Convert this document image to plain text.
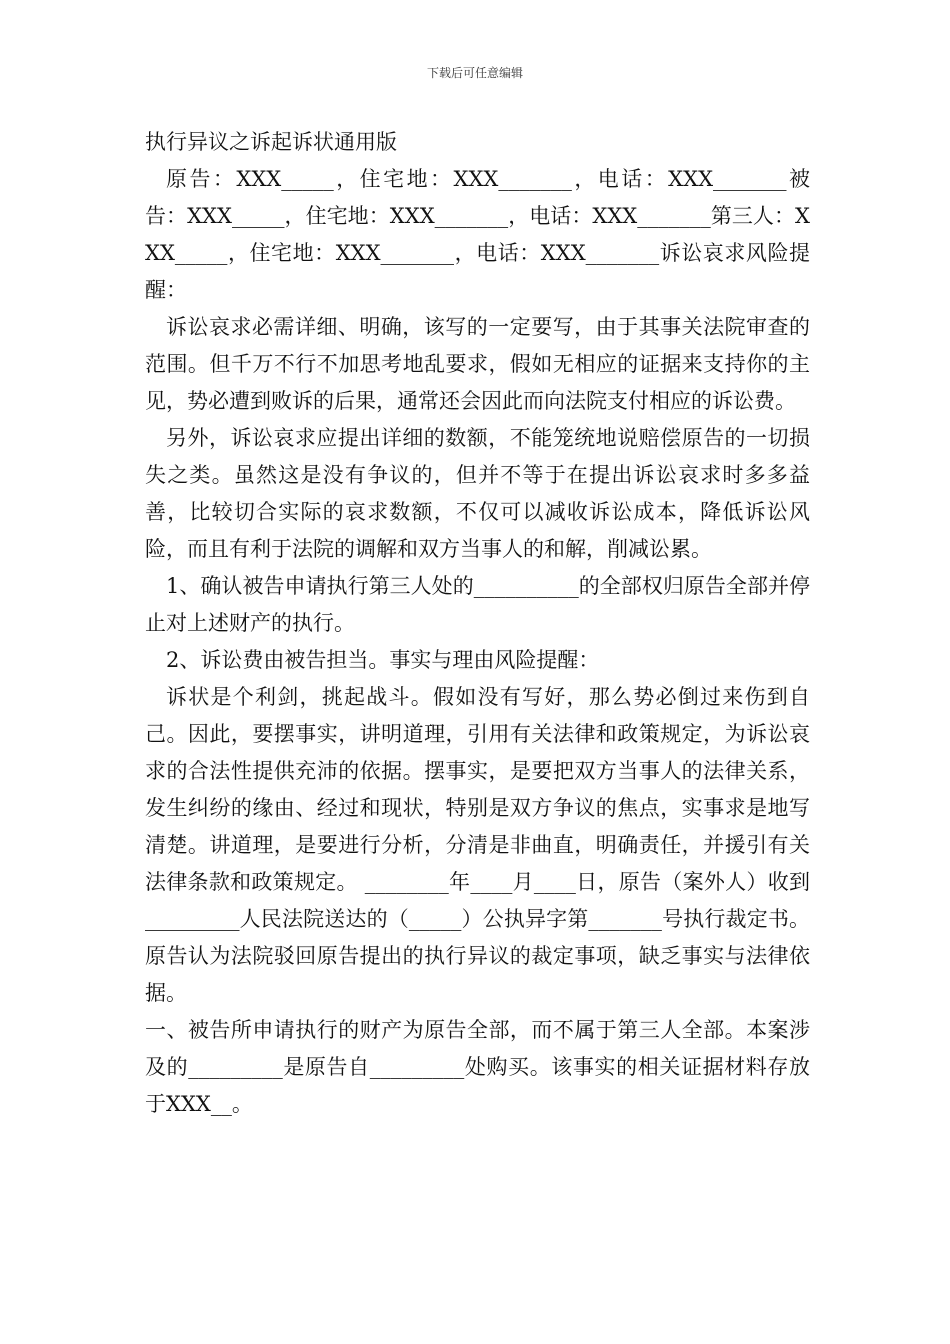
下载后可任意编辑

执行异议之诉起诉状通用版

原告：XXX_____，住宅地：XXX_______，电话：XXX_______被告：XXX_____，住宅地：XXX_______，电话：XXX_______第三人：XXX_____，住宅地：XXX_______，电话：XXX_______诉讼哀求风险提醒：

诉讼哀求必需详细、明确，该写的一定要写，由于其事关法院审查的范围。但千万不行不加思考地乱要求，假如无相应的证据来支持你的主见，势必遭到败诉的后果，通常还会因此而向法院支付相应的诉讼费。

另外，诉讼哀求应提出详细的数额，不能笼统地说赔偿原告的一切损失之类。虽然这是没有争议的，但并不等于在提出诉讼哀求时多多益善，比较切合实际的哀求数额，不仅可以减收诉讼成本，降低诉讼风险，而且有利于法院的调解和双方当事人的和解，削减讼累。

1、确认被告申请执行第三人处的__________的全部权归原告全部并停止对上述财产的执行。

2、诉讼费由被告担当。事实与理由风险提醒：

诉状是个利剑，挑起战斗。假如没有写好，那么势必倒过来伤到自己。因此，要摆事实，讲明道理，引用有关法律和政策规定，为诉讼哀求的合法性提供充沛的依据。摆事实，是要把双方当事人的法律关系，发生纠纷的缘由、经过和现状，特别是双方争议的焦点，实事求是地写清楚。讲道理，是要进行分析，分清是非曲直，明确责任，并援引有关法律条款和政策规定。 ________年____月____日，原告（案外人）收到_________人民法院送达的（_____）公执异字第_______号执行裁定书。原告认为法院驳回原告提出的执行异议的裁定事项，缺乏事实与法律依据。

一、被告所申请执行的财产为原告全部，而不属于第三人全部。本案涉及的_________是原告自_________处购买。该事实的相关证据材料存放于XXX__。
